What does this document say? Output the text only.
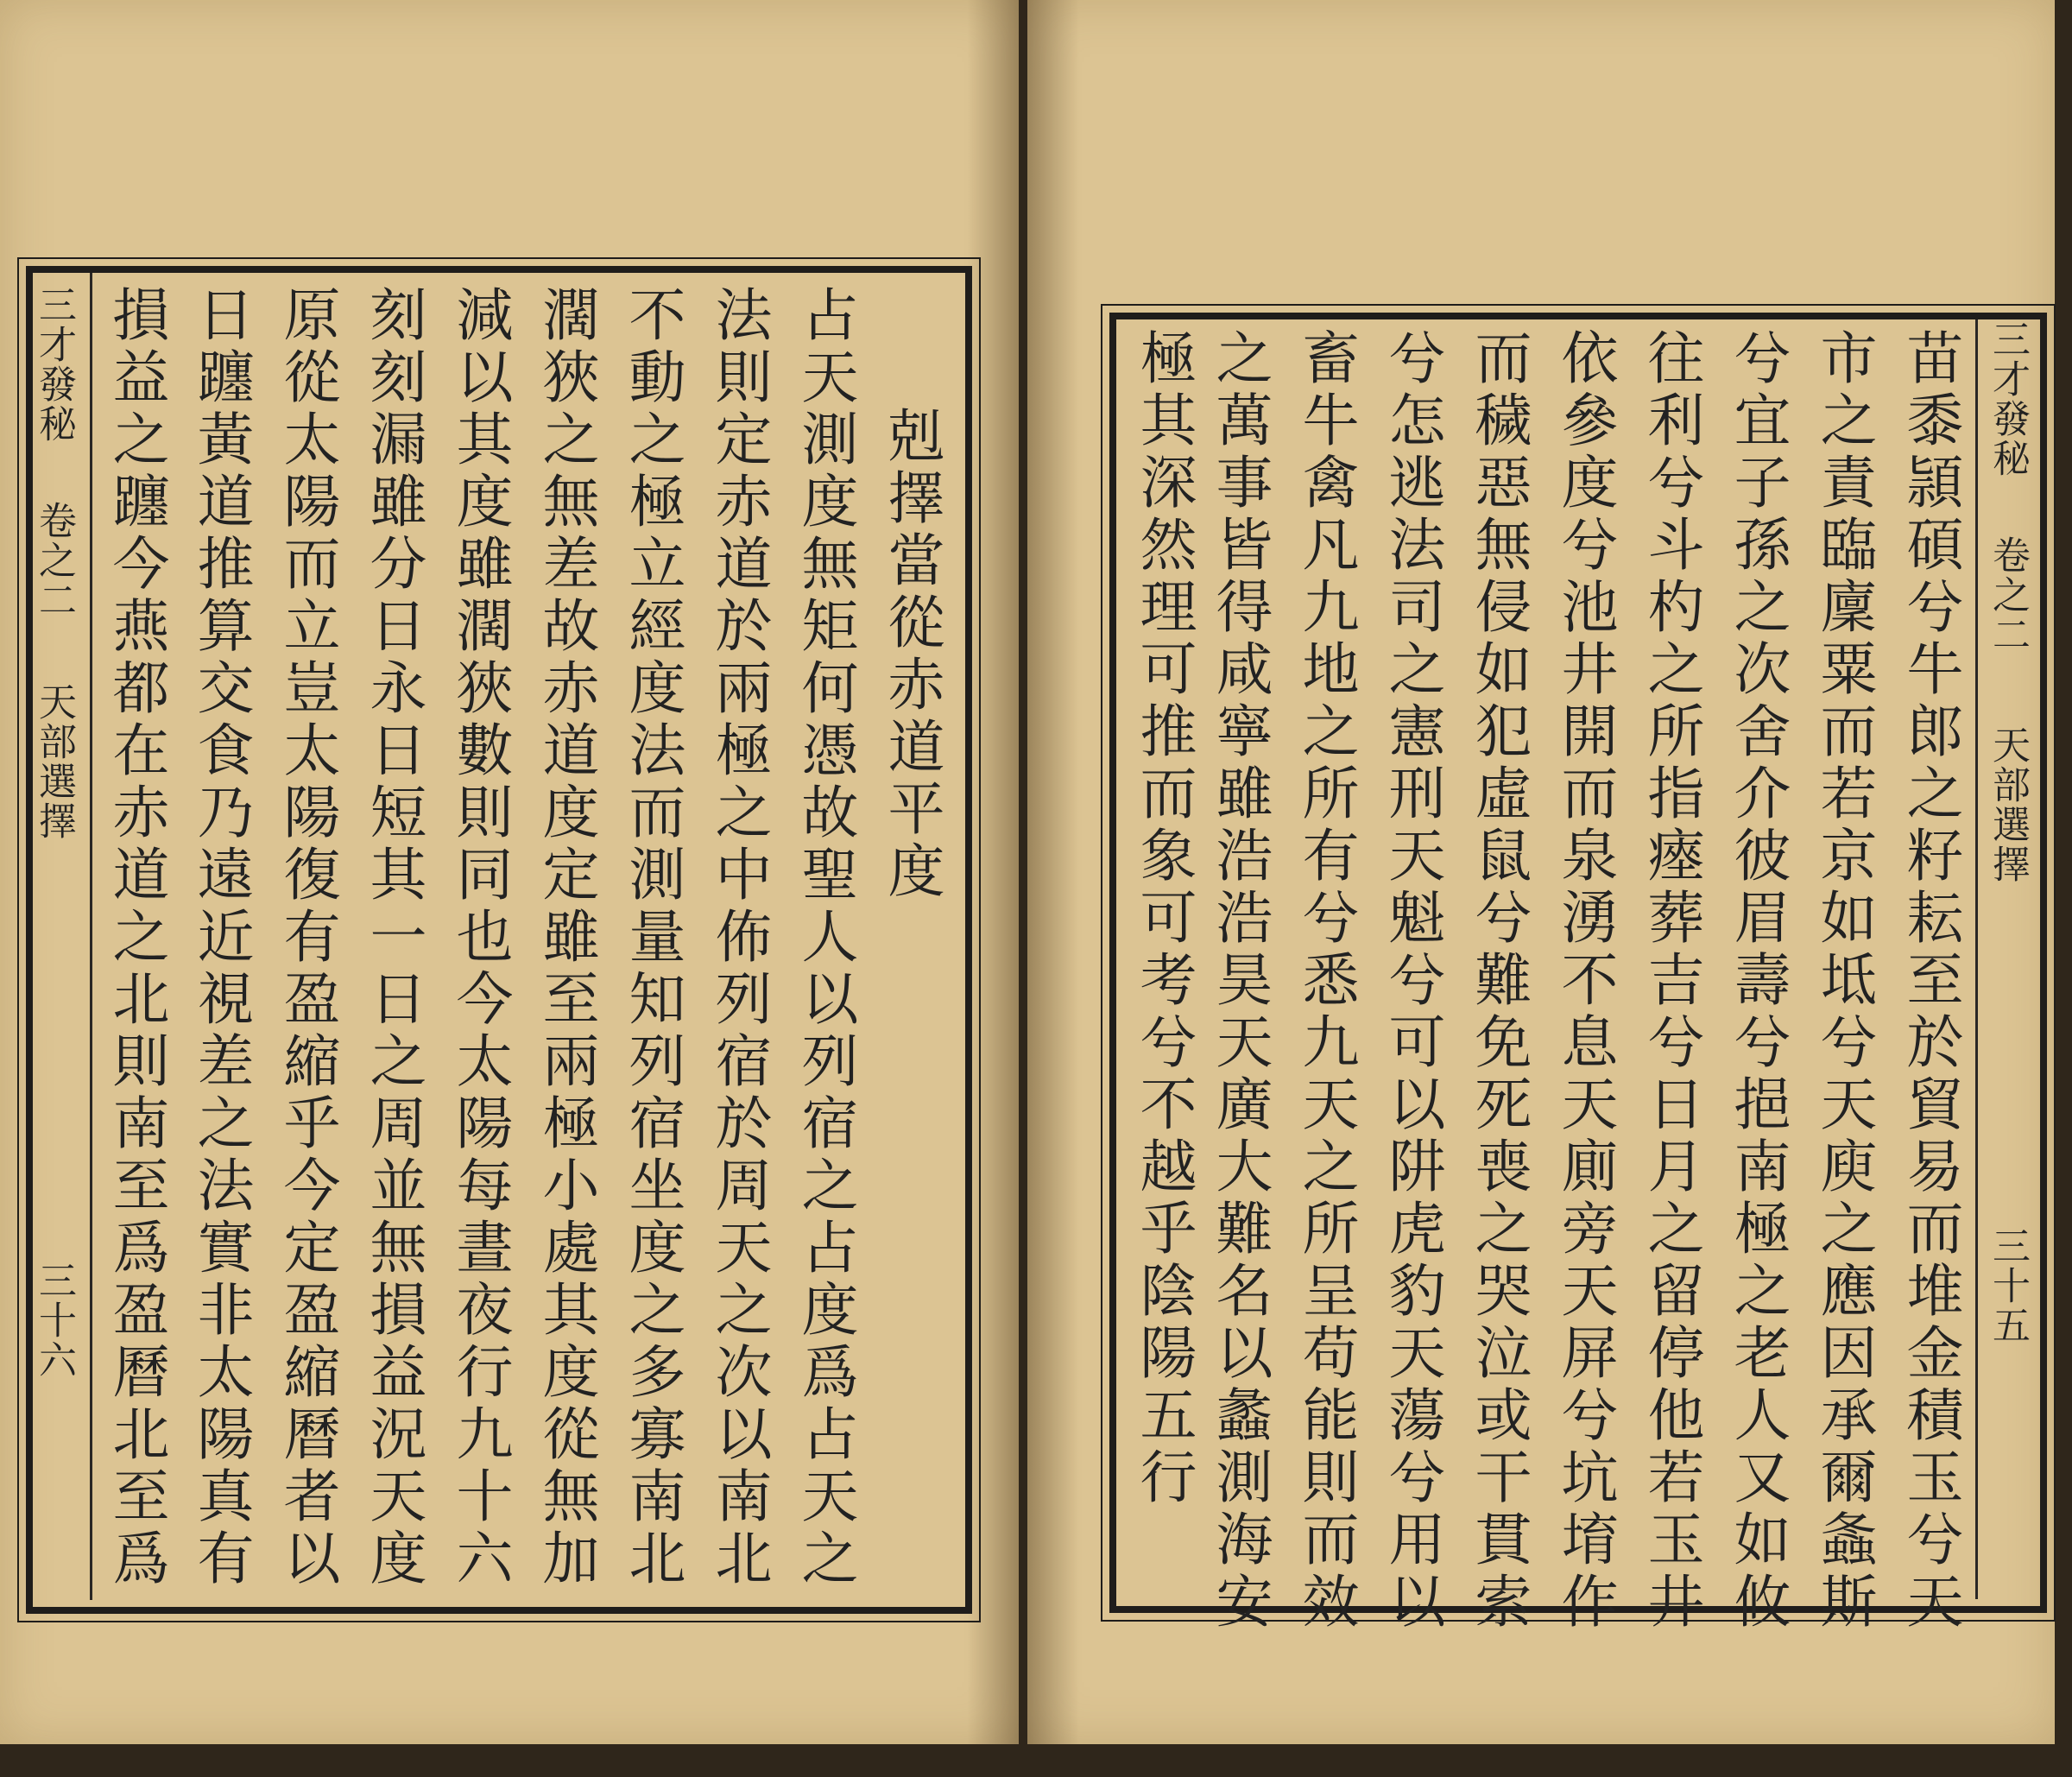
三才發秘
卷之二
天部選擇
三十六
剋擇當從赤道平度
占天測度無矩何憑故聖人以列宿之占度爲占天之
法則定赤道於兩極之中佈列宿於周天之次以南北
不動之極立經度法而測量知列宿坐度之多寡南北
濶狹之無差故赤道度定雖至兩極小處其度從無加
減以其度雖濶狹數則同也今太陽每晝夜行九十六
刻刻漏雖分日永日短其一日之周並無損益況天度
原從太陽而立豈太陽復有盈縮乎今定盈縮曆者以
日躔黃道推算交食乃遠近視差之法實非太陽真有
損益之躔今燕都在赤道之北則南至爲盈曆北至爲	三才發秘
卷之二
天部選擇
三十五
苗黍頴碩兮牛郎之籽耘至於貿易而堆金積玉兮天
市之責臨廩粟而若京如坻兮天庾之應因承爾螽斯
兮宜子孫之次舍介彼眉壽兮挹南極之老人又如攸
往利兮斗杓之所指瘞葬吉兮日月之留停他若玉井
依參度兮池井開而泉湧不息天廁旁天屏兮坑堉作
而穢惡無侵如犯虛鼠兮難免死喪之哭泣或干貫索
兮怎逃法司之憲刑天魁兮可以阱虎豹天蕩兮用以
畜牛禽凡九地之所有兮悉九天之所呈苟能則而效
之萬事皆得咸寧雖浩浩昊天廣大難名以蠡測海安
極其深然理可推而象可考兮不越乎陰陽五行
